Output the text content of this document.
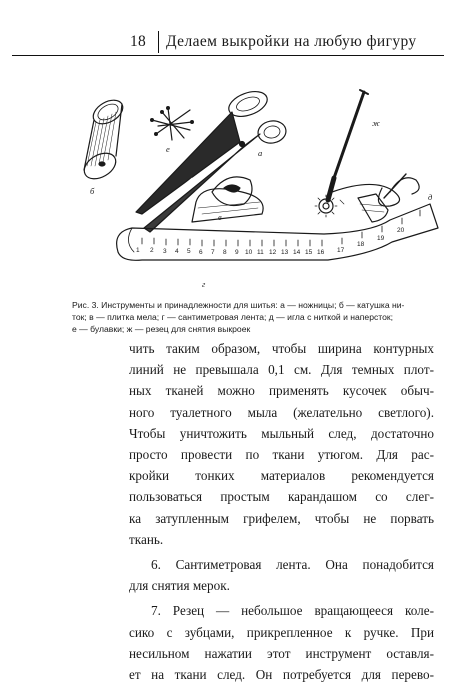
18 Делаем выкройки на любую фигуру
1 2 3 4 5 6 7 8 9 10 11 12 13 14 15 16 17
18
19
20
а
б
в
г
д
е
ж
Рис. 3. Инструменты и принадлежности для шитья: а — ножницы; б — катушка ни-
ток; в — плитка мела; г — сантиметровая лента; д — игла с ниткой и наперсток;
е — булавки; ж — резец для снятия выкроек
чить таким образом, чтобы ширина контурных
линий не превышала 0,1 см. Для темных плот-
ных тканей можно применять кусочек обыч-
ного туалетного мыла (желательно светлого).
Чтобы уничтожить мыльный след, достаточно
просто провести по ткани утюгом. Для рас-
кройки тонких материалов рекомендуется
пользоваться простым карандашом со слег-
ка затупленным грифелем, чтобы не порвать
ткань.
6. Сантиметровая лента. Она понадобится
для снятия мерок.
7. Резец — небольшое вращающееся коле-
сико с зубцами, прикрепленное к ручке. При
несильном нажатии этот инструмент оставля-
ет на ткани след. Он потребуется для перево-
